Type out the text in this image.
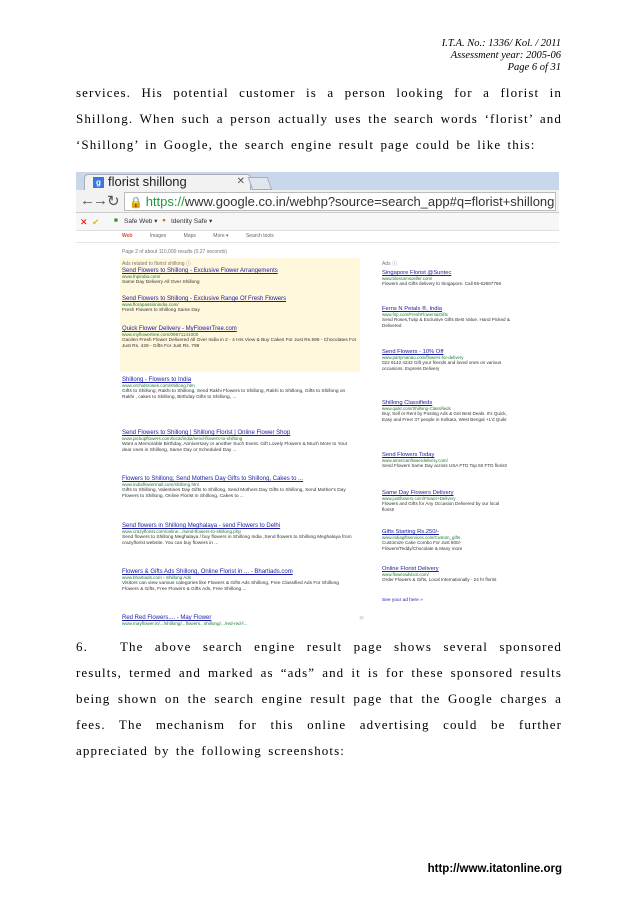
I.T.A. No.: 1336/ Kol. / 2011
Assessment year: 2005-06
Page 6 of 31
services. His potential customer is a person looking for a florist in Shillong. When such a person actually uses the search words ‘florist’ and ‘Shillong’ in Google, the search engine result page could be like this:
g florist shillong	✕
←
→ ↻ 🔒 https://www.google.co.in/webhp?source=search_app#q=florist+shillong
✕ ✔ ■ Safe Web ▾ ● Identity Safe ▾
Web	Images	Maps	More ▾	Search tools
Page 2 of about 110,000 results (0.27 seconds)
Ads related to florist shillong ⓘ	Ads ⓘ
Send Flowers to Shillong - Exclusive Flower Arrangements
www.fnpindia.com/
Same Day Delivery All Over Shillong
Send Flowers to Shillong - Exclusive Range Of Fresh Flowers
www.florapassionindia.com/
Fresh Flowers to Shillong Same Day
Quick Flower Delivery - MyFlowerTree.com
www.myflowertree.com/09671141000
Garden Fresh Flower Delivered All Over India in 2 - 4 Hrs View & Buy Cakes For Just Rs.599 - Chocolates For Just Rs. 429 - Gifts For Just Rs. 799
Shillong - Flowers to India
www.orchidsroses.com/shillong.htm
Gifts to Shillong, Rakhi to Shillong, Send Rakhi Flowers to Shillong, Rakhi to Shillong, Gifts to Shillong on Rakhi , cakes to Shillong, Birthday Gifts to Shillong, ...
Send Flowers to Shillong | Shillong Florist | Online Flower Shop
www.pickupflowers.com/local/india/send-flowers-to-shillong
Want a Memorable Birthday, Anniversary or another Such Event. Gift Lovely Flowers & Much More to Your dear ones in Shillong, Same Day or Scheduled Day ...
Flowers to Shillong, Send Mothers Day Gifts to Shillong, Cakes to ...
www.indiaflowermall.com/shillong.htm
Gifts to Shillong, Valentines Day Gifts to Shillong, Send Mothers Day Gifts to Shillong, Send Mother's Day Flowers to Shillong, Online Florist in Shillong, Cakes to ...
Send flowers in Shillong Meghalaya - send Flowers to Delhi
www.crazyflorist.com/online.../send-flowers-to-shillong.php
Send flowers to Shillong Meghalaya / buy flowers in Shillong India ,Send flowers to Shillong Meghalaya from crazyflorist website. You can buy flowers in ...
Flowers & Gifts Ads Shillong, Online Florist in ... - Bhartiads.com
www.bhartiads.com › Shillong Ads
Visitors can view various categories like Flowers & Gifts Ads Shillong, Free Classified Ads For Shillong Flowers & Gifts, Free Flowers & Gifts Ads, Free Shillong ...
Red Red Flowers.... - May Flower
www.mayflower.in/.../shillong/...flowers...shillong/.../red-red-f...
»
Singapore Florist @Suntec
www.blossomsoeller.com/
Flowers and Gifts delivery to Singapore. Call 65-62667766
Ferns N Petals ®, India
www.fnp.com/FreshFlowers&Gifts
Send Roses,Tulip & Exclusive Gifts Best Value, Hand Picked & Delivered
Send Flowers - 10% Off
www.partymanao.com/flowers-for-delivery
022 6142 4242 Gift your friends and loved ones on various occasions. Express Delivery
Shillong Classifieds
www.quikr.com/Shillong-Classifieds
Buy, Sell or Rent by Posting Ads & Get Best Deals. It's Quick, Easy and Free! 37 people in Kolkata, West Bengal +1'd Quikr
Send Flowers Today
www.americanflowerdelivery.com/
Send Flowers Same Day across USA FTD Top 50 FTD florist!
Same Day Flowers Delivery
www.justflowers.com/Flower+Delivery
Flowers and Gifts for Any Occasion Delivered by our local florist!
Gifts Starting Rs.250/-
www.indiagiftservices.com/Custom_gifts
Customize Cake Combo For Just 800/- Flowers/Teddy/Chocolate & Many more
Online Florist Delivery
www.floweradvisor.com/
Order Flowers & Gifts, Local Internationally - 24 hr florist
See your ad here »
6. The above search engine result page shows several sponsored results, termed and marked as “ads” and it is for these sponsored results being shown on the search engine result page that the Google charges a fees. The mechanism for this online advertising could be further appreciated by the following screenshots:
http://www.itatonline.org
